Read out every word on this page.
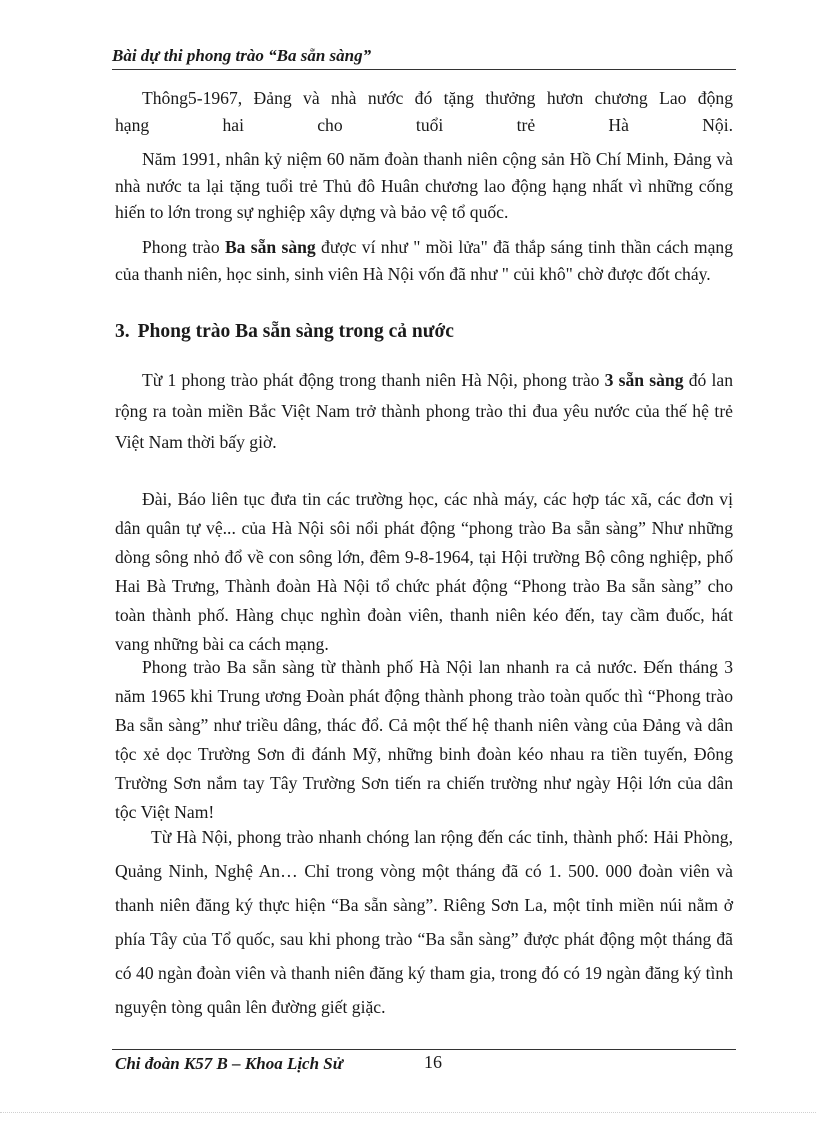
Bài dự thi phong trào “Ba sẵn sàng”
Thông5-1967, Đảng và nhà nước đó tặng thưởng hươn chương Lao động
hạng hai cho tuổi trẻ Hà Nội.
Năm 1991, nhân kỷ niệm 60 năm đoàn thanh niên cộng sản Hồ Chí Minh, Đảng và nhà nước ta lại tặng tuổi trẻ Thủ đô Huân chương lao động hạng nhất vì những cống hiến to lớn trong sự nghiệp xây dựng và bảo vệ tổ quốc.
Phong trào Ba sẵn sàng được ví như " mồi lửa" đã thắp sáng tinh thần cách mạng của thanh niên, học sinh, sinh viên Hà Nội vốn đã như " củi khô" chờ được đốt cháy.
3. Phong trào Ba sẵn sàng trong cả nước
Từ 1 phong trào phát động trong thanh niên Hà Nội, phong trào 3 sẵn sàng đó lan rộng ra toàn miền Bắc Việt Nam trở thành phong trào thi đua yêu nước của thế hệ trẻ Việt Nam thời bấy giờ.
Đài, Báo liên tục đưa tin các trường học, các nhà máy, các hợp tác xã, các đơn vị dân quân tự vệ... của Hà Nội sôi nổi phát động “phong trào Ba sẵn sàng” Như những dòng sông nhỏ đổ về con sông lớn, đêm 9-8-1964, tại Hội trường Bộ công nghiệp, phố Hai Bà Trưng, Thành đoàn Hà Nội tổ chức phát động “Phong trào Ba sẵn sàng” cho toàn thành phố. Hàng chục nghìn đoàn viên, thanh niên kéo đến, tay cầm đuốc, hát vang những bài ca cách mạng.
Phong trào Ba sẵn sàng từ thành phố Hà Nội lan nhanh ra cả nước. Đến tháng 3 năm 1965 khi Trung ương Đoàn phát động thành phong trào toàn quốc thì “Phong trào Ba sẵn sàng” như triều dâng, thác đổ. Cả một thế hệ thanh niên vàng của Đảng và dân tộc xẻ dọc Trường Sơn đi đánh Mỹ, những binh đoàn kéo nhau ra tiền tuyến, Đông Trường Sơn nắm tay Tây Trường Sơn tiến ra chiến trường như ngày Hội lớn của dân tộc Việt Nam!
Từ Hà Nội, phong trào nhanh chóng lan rộng đến các tỉnh, thành phố: Hải Phòng, Quảng Ninh, Nghệ An… Chỉ trong vòng một tháng đã có 1. 500. 000 đoàn viên và thanh niên đăng ký thực hiện “Ba sẵn sàng”. Riêng Sơn La, một tỉnh miền núi nằm ở phía Tây của Tổ quốc, sau khi phong trào “Ba sẵn sàng” được phát động một tháng đã có 40 ngàn đoàn viên và thanh niên đăng ký tham gia, trong đó có 19 ngàn đăng ký tình nguyện tòng quân lên đường giết giặc.
Chi đoàn K57 B – Khoa Lịch Sử	16
